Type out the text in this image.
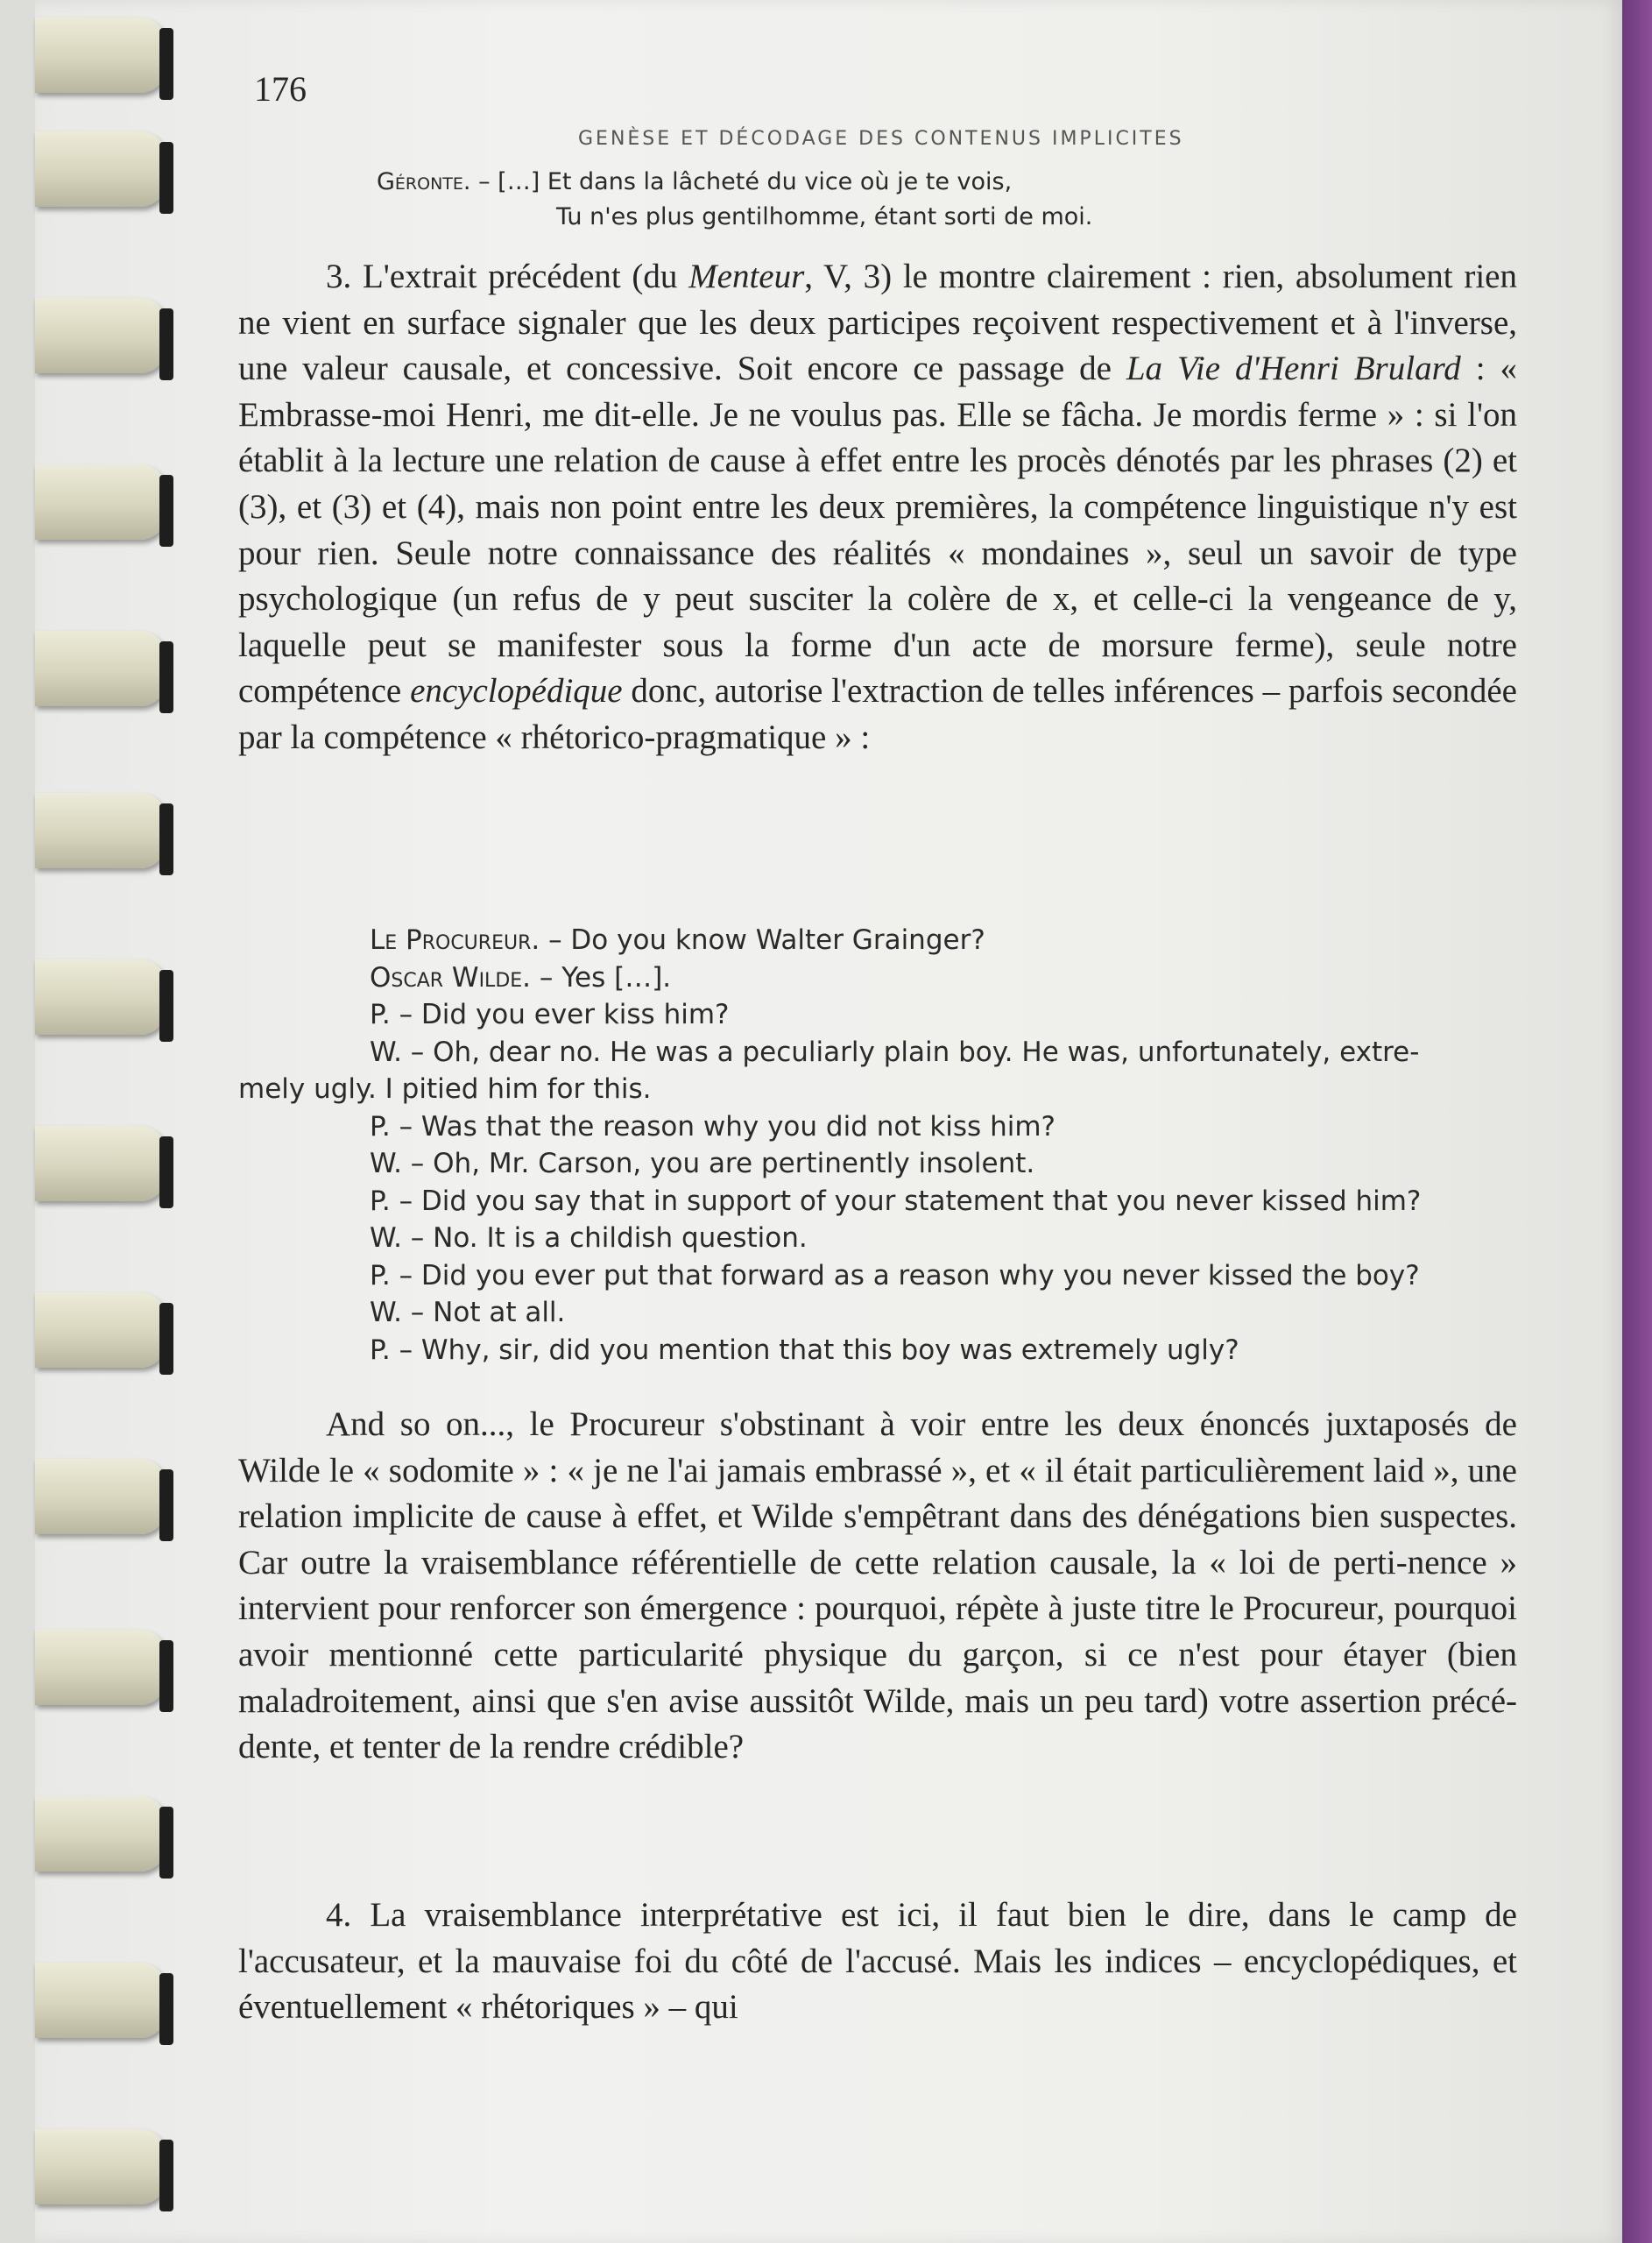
176
GENÈSE ET DÉCODAGE DES CONTENUS IMPLICITES
Géronte. – […] Et dans la lâcheté du vice où je te vois,
Tu n'es plus gentilhomme, étant sorti de moi.

3. L'extrait précédent (du Menteur, V, 3) le montre clairement : rien, absolument rien ne vient en surface signaler que les deux participes reçoivent respectivement et à l'inverse, une valeur causale, et concessive. Soit encore ce passage de La Vie d'Henri Brulard : « Embrasse-moi Henri, me dit-elle. Je ne voulus pas. Elle se fâcha. Je mordis ferme » : si l'on établit à la lecture une relation de cause à effet entre les procès dénotés par les phrases (2) et (3), et (3) et (4), mais non point entre les deux premières, la compétence linguistique n'y est pour rien. Seule notre connaissance des réalités « mondaines », seul un savoir de type psychologique (un refus de y peut susciter la colère de x, et celle-ci la vengeance de y, laquelle peut se manifester sous la forme d'un acte de morsure ferme), seule notre compétence encyclopédique donc, autorise l'extraction de telles inférences – parfois secondée par la compétence « rhétorico-pragmatique » :

Le Procureur. – Do you know Walter Grainger?
Oscar Wilde. – Yes […].
P. – Did you ever kiss him?
W. – Oh, dear no. He was a peculiarly plain boy. He was, unfortunately, extre-
mely ugly. I pitied him for this.
P. – Was that the reason why you did not kiss him?
W. – Oh, Mr. Carson, you are pertinently insolent.
P. – Did you say that in support of your statement that you never kissed him?
W. – No. It is a childish question.
P. – Did you ever put that forward as a reason why you never kissed the boy?
W. – Not at all.
P. – Why, sir, did you mention that this boy was extremely ugly?

And so on..., le Procureur s'obstinant à voir entre les deux énoncés juxtaposés de Wilde le « sodomite » : « je ne l'ai jamais embrassé », et « il était particulièrement laid », une relation implicite de cause à effet, et Wilde s'empêtrant dans des dénégations bien suspectes. Car outre la vraisemblance référentielle de cette relation causale, la « loi de perti-nence » intervient pour renforcer son émergence : pourquoi, répète à juste titre le Procureur, pourquoi avoir mentionné cette particularité physique du garçon, si ce n'est pour étayer (bien maladroitement, ainsi que s'en avise aussitôt Wilde, mais un peu tard) votre assertion précé-dente, et tenter de la rendre crédible?

4. La vraisemblance interprétative est ici, il faut bien le dire, dans le camp de l'accusateur, et la mauvaise foi du côté de l'accusé. Mais les indices – encyclopédiques, et éventuellement « rhétoriques » – qui
